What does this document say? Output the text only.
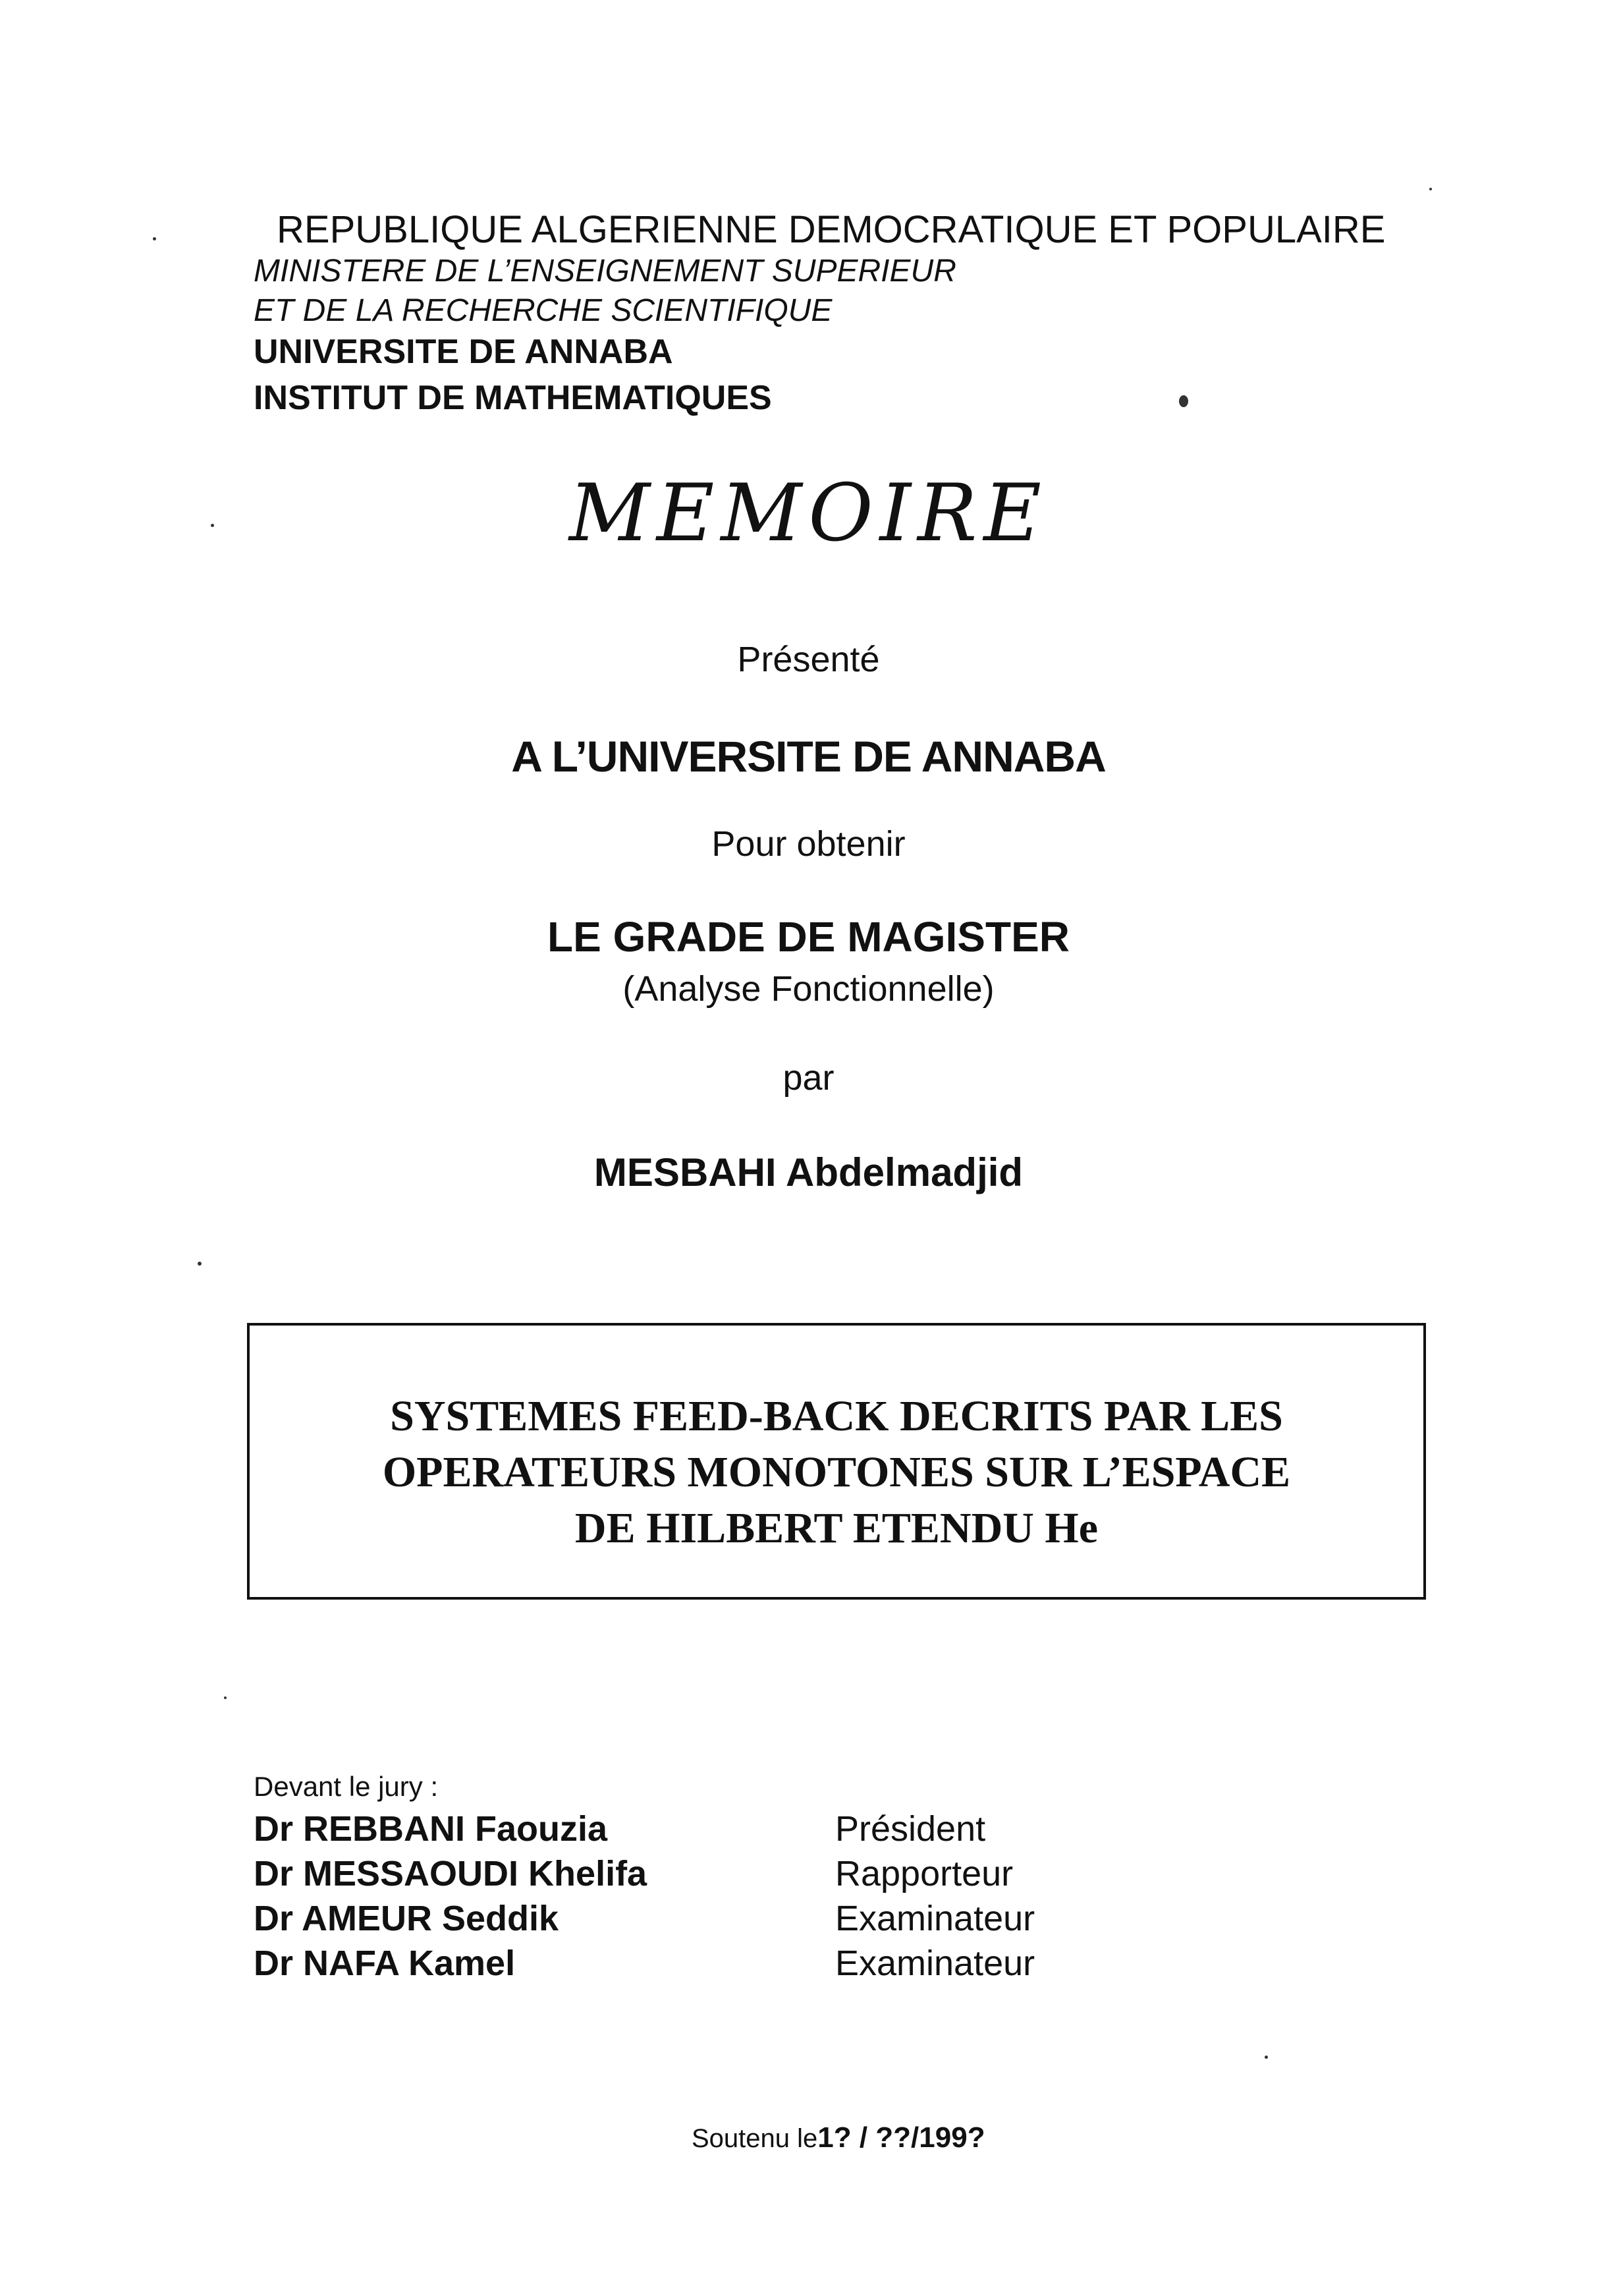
REPUBLIQUE ALGERIENNE DEMOCRATIQUE ET POPULAIRE
MINISTERE DE L’ENSEIGNEMENT SUPERIEUR
ET DE LA RECHERCHE SCIENTIFIQUE
UNIVERSITE DE ANNABA
INSTITUT DE MATHEMATIQUES
MEMOIRE
Présenté
A L’UNIVERSITE DE ANNABA
Pour obtenir
LE GRADE DE MAGISTER
(Analyse Fonctionnelle)
par
MESBAHI Abdelmadjid
SYSTEMES FEED-BACK DECRITS PAR LES
OPERATEURS MONOTONES SUR L’ESPACE
DE HILBERT ETENDU He
Devant le jury :
Dr REBBANI Faouzia	Président
Dr MESSAOUDI Khelifa	Rapporteur
Dr AMEUR Seddik	Examinateur
Dr NAFA Kamel	Examinateur
Soutenu le1? / ??/199?
